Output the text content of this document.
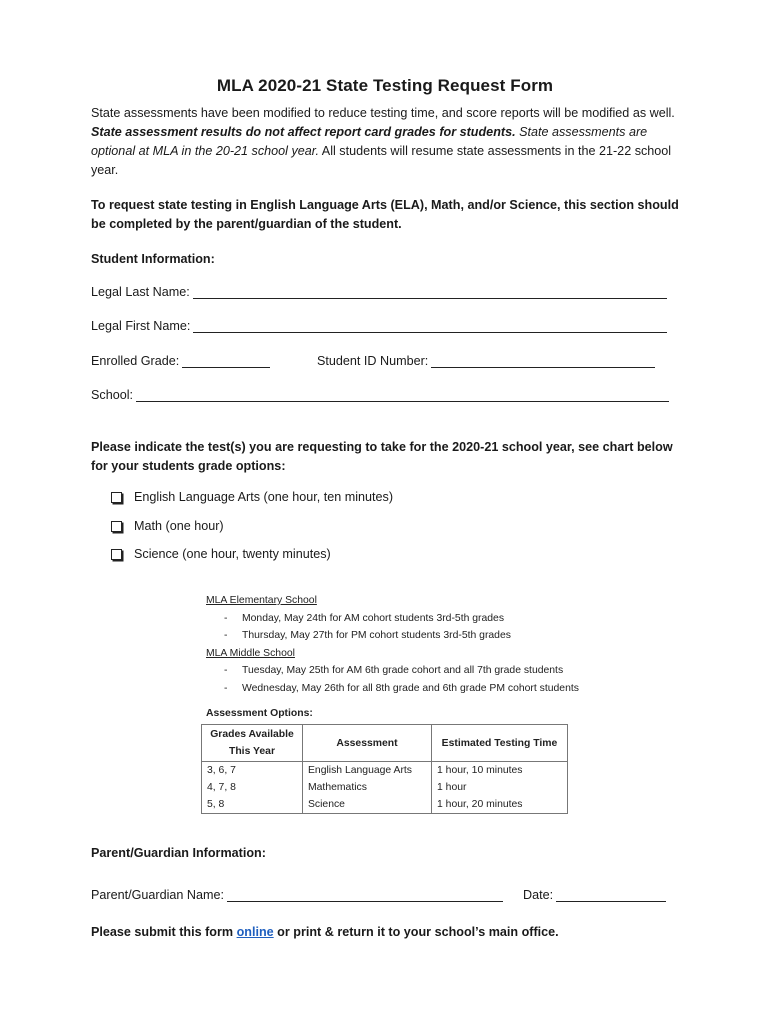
MLA 2020-21 State Testing Request Form
State assessments have been modified to reduce testing time, and score reports will be modified as well. State assessment results do not affect report card grades for students. State assessments are optional at MLA in the 20-21 school year. All students will resume state assessments in the 21-22 school year.
To request state testing in English Language Arts (ELA), Math, and/or Science, this section should be completed by the parent/guardian of the student.
Student Information:
Legal Last Name:
Legal First Name:
Enrolled Grade:	Student ID Number:
School:
Please indicate the test(s) you are requesting to take for the 2020-21 school year, see chart below for your students grade options:
English Language Arts (one hour, ten minutes)
Math (one hour)
Science (one hour, twenty minutes)
MLA Elementary School
- Monday, May 24th for AM cohort students 3rd-5th grades
- Thursday, May 27th for PM cohort students 3rd-5th grades
MLA Middle School
- Tuesday, May 25th for AM 6th grade cohort and all 7th grade students
- Wednesday, May 26th for all 8th grade and 6th grade PM cohort students
Assessment Options:
Grades Available This Year	Assessment	Estimated Testing Time
3, 6, 7	English Language Arts	1 hour, 10 minutes
4, 7, 8	Mathematics	1 hour
5, 8	Science	1 hour, 20 minutes
Parent/Guardian Information:
Parent/Guardian Name:	Date:
Please submit this form online or print & return it to your school’s main office.
